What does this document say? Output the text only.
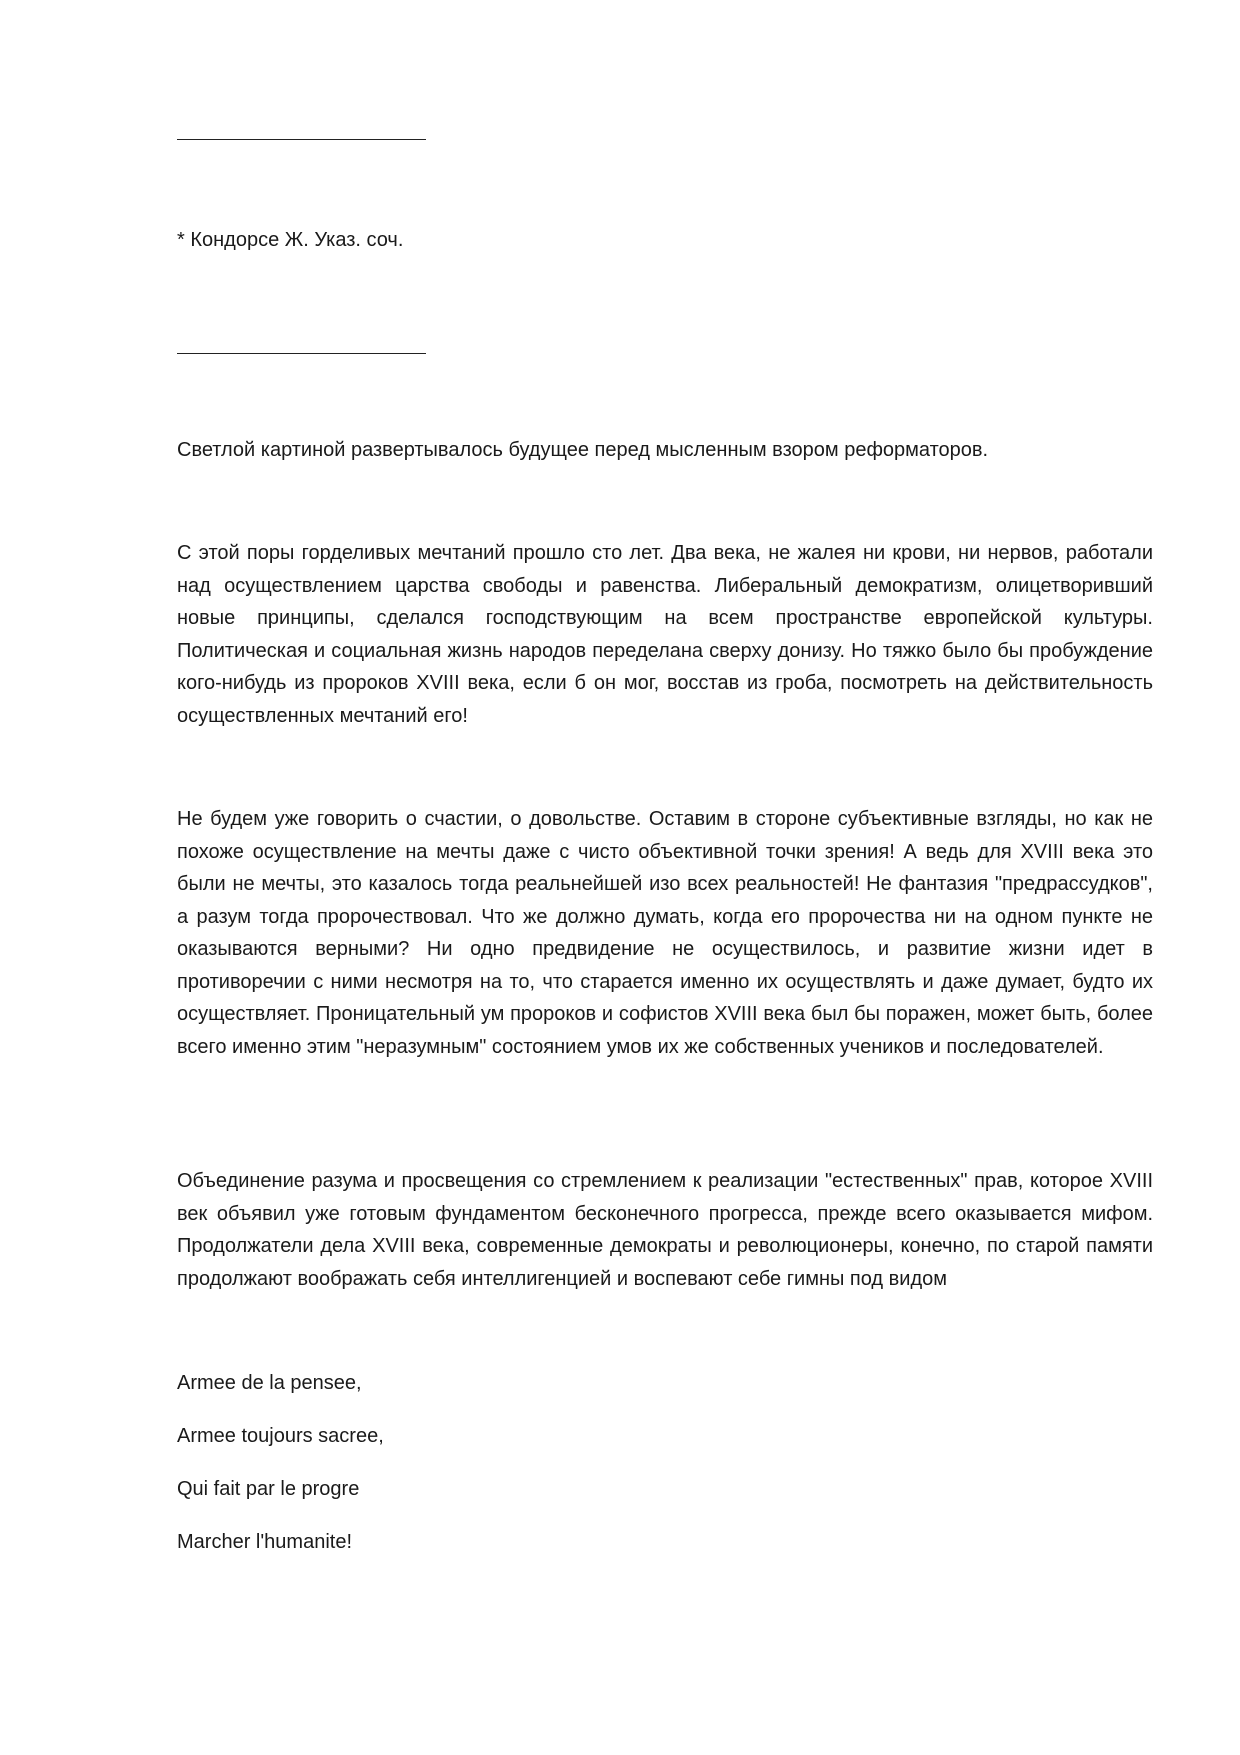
* Кондорсе Ж. Указ. соч.
Светлой картиной развертывалось будущее перед мысленным взором реформаторов.
С этой поры горделивых мечтаний прошло сто лет. Два века, не жалея ни крови, ни нервов, работали над осуществлением царства свободы и равенства. Либеральный демократизм, олицетворивший новые принципы, сделался господствующим на всем пространстве европейской культуры. Политическая и социальная жизнь народов переделана сверху донизу. Но тяжко было бы пробуждение кого-нибудь из пророков XVIII века, если б он мог, восстав из гроба, посмотреть на действительность осуществленных мечтаний его!
Не будем уже говорить о счастии, о довольстве. Оставим в стороне субъективные взгляды, но как не похоже осуществление на мечты даже с чисто объективной точки зрения! А ведь для XVIII века это были не мечты, это казалось тогда реальнейшей изо всех реальностей! Не фантазия "предрассудков", а разум тогда пророчествовал. Что же должно думать, когда его пророчества ни на одном пункте не оказываются верными? Ни одно предвидение не осуществилось, и развитие жизни идет в противоречии с ними несмотря на то, что старается именно их осуществлять и даже думает, будто их осуществляет. Проницательный ум пророков и софистов XVIII века был бы поражен, может быть, более всего именно этим "неразумным" состоянием умов их же собственных учеников и последователей.
Объединение разума и просвещения со стремлением к реализации "естественных" прав, которое XVIII век объявил уже готовым фундаментом бесконечного прогресса, прежде всего оказывается мифом. Продолжатели дела XVIII века, современные демократы и революционеры, конечно, по старой памяти продолжают воображать себя интеллигенцией и воспевают себе гимны под видом
Armee de la pensee,
Armee toujours sacree,
Qui fait par le progre
Marcher l'humanite!
